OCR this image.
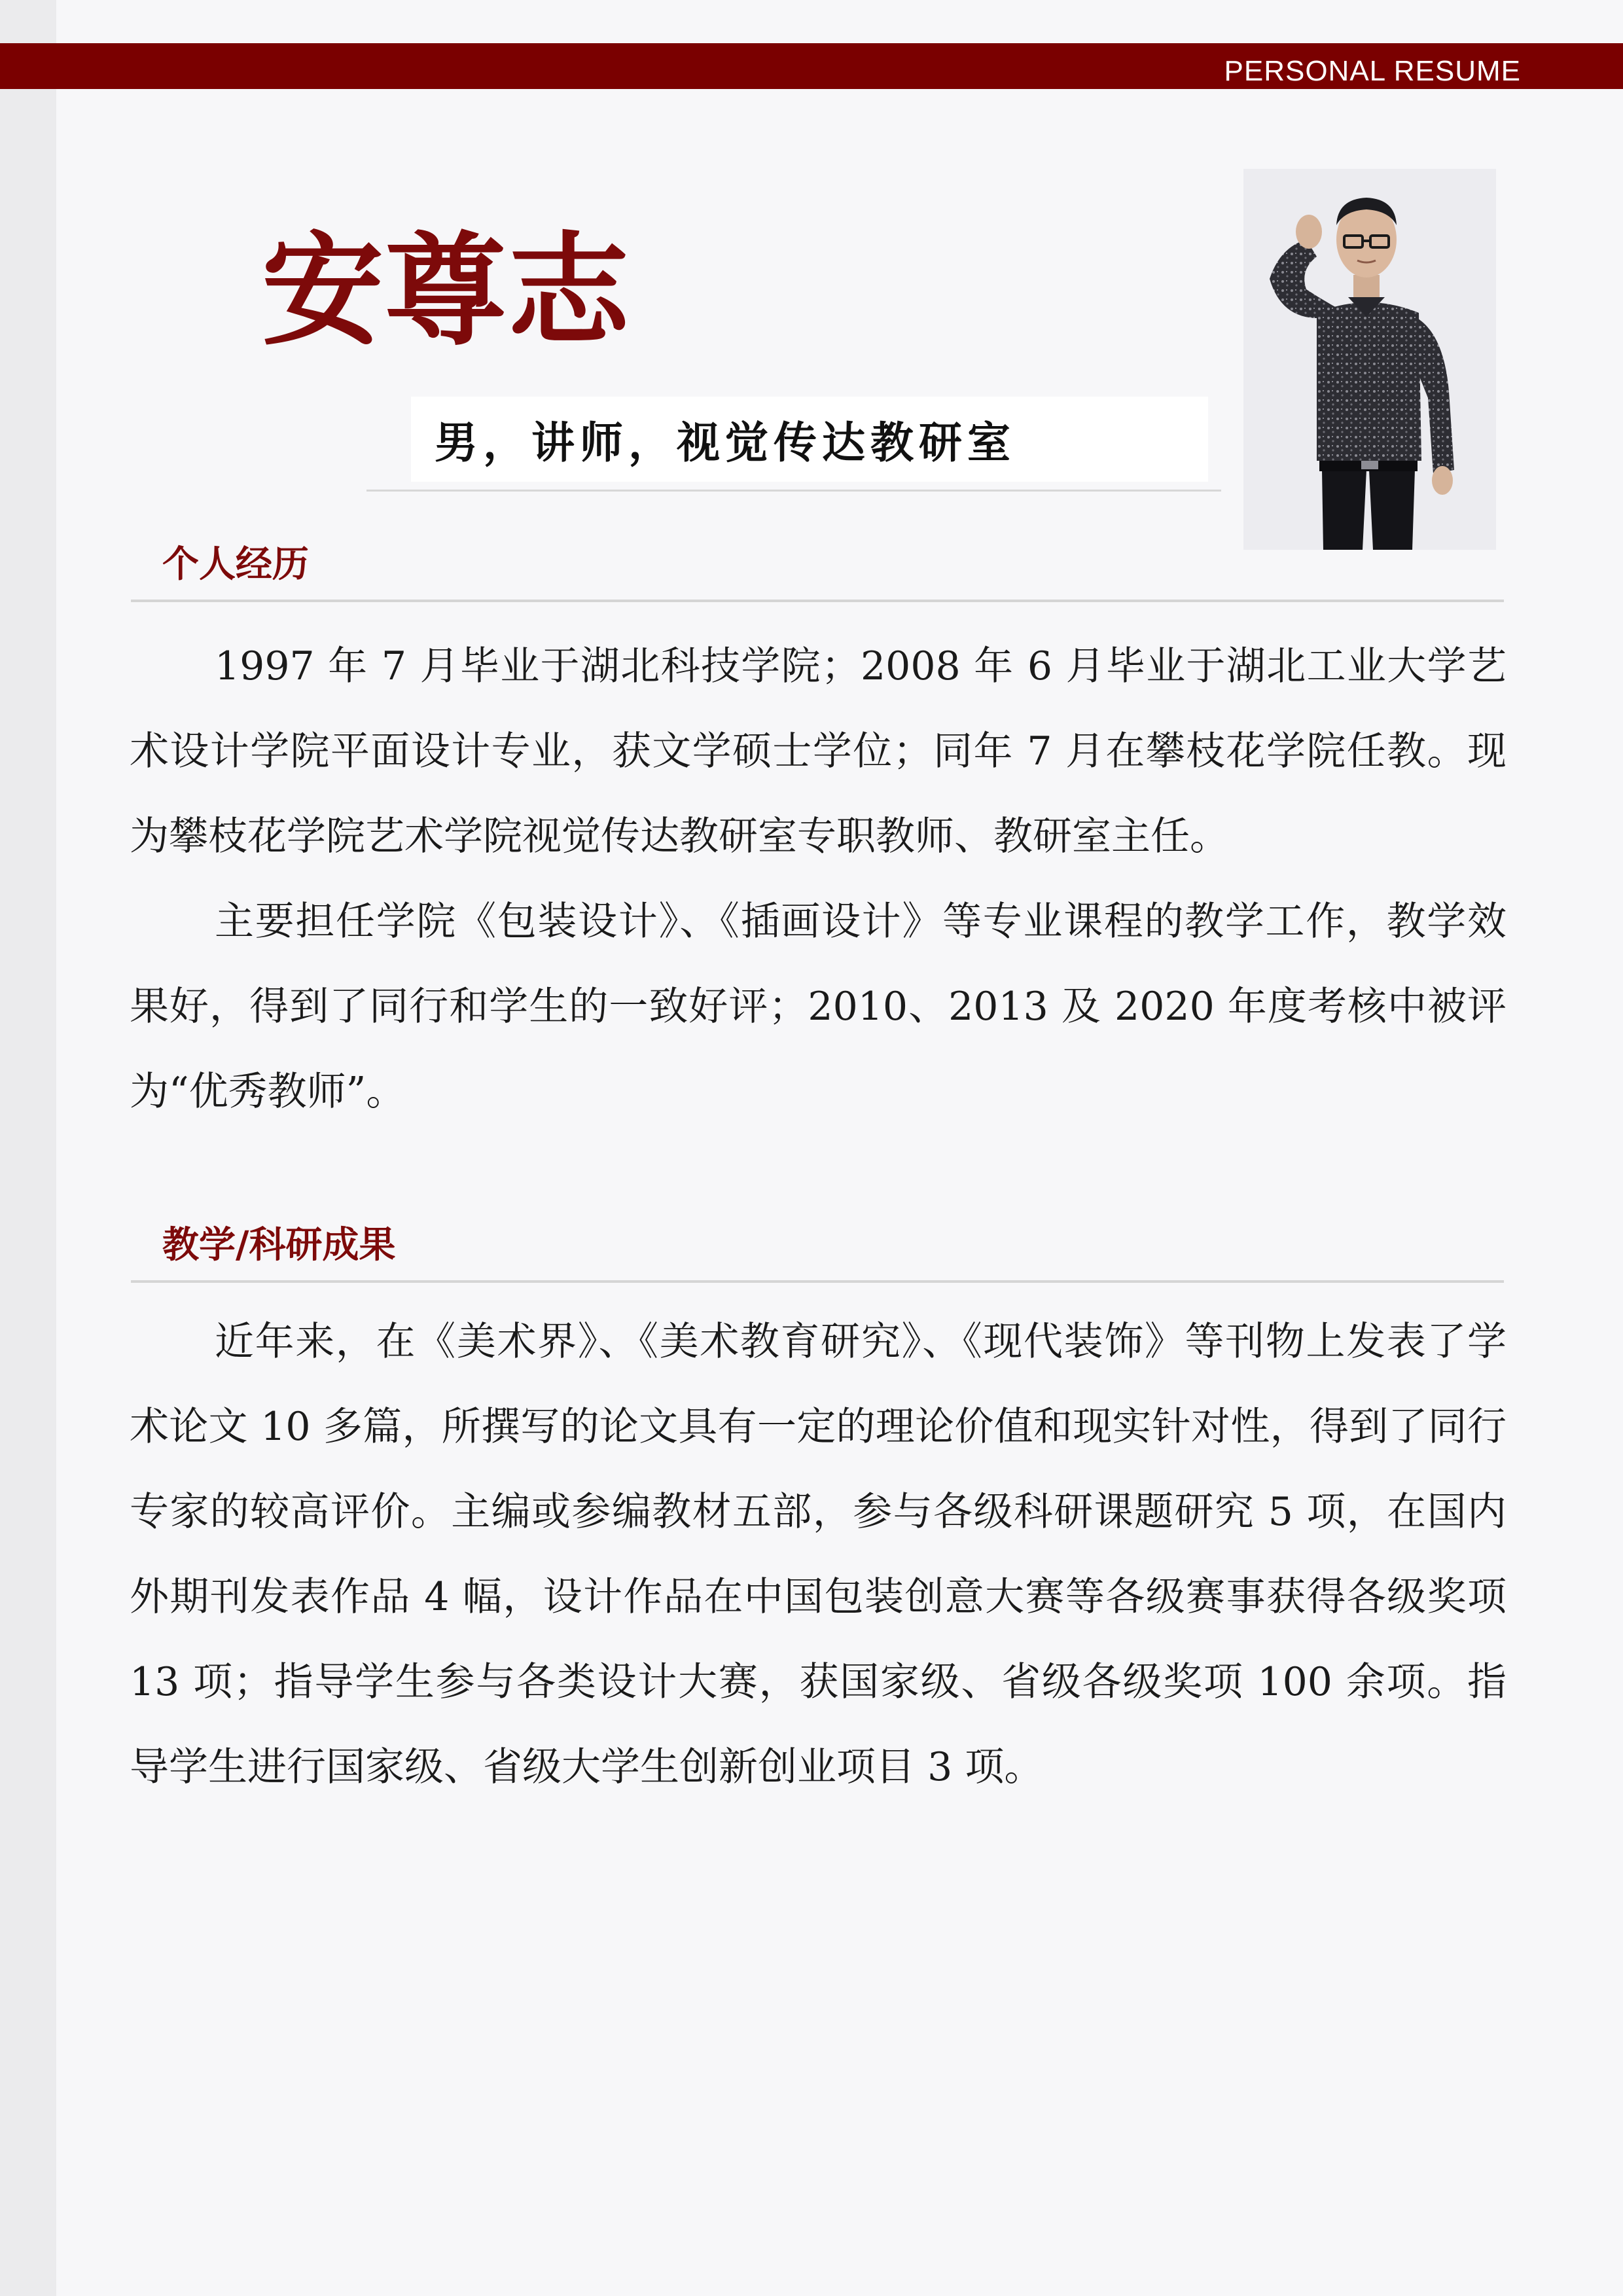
PERSONAL RESUME
安尊志
男，讲师，视觉传达教研室
个人经历

1997 年 7 月毕业于湖北科技学院；2008 年 6 月毕业于湖北工业大学艺术设计学院平面设计专业，获文学硕士学位；同年 7 月在攀枝花学院任教。现为攀枝花学院艺术学院视觉传达教研室专职教师、教研室主任。

主要担任学院《包装设计》、《插画设计》等专业课程的教学工作，教学效果好，得到了同行和学生的一致好评；2010、2013 及 2020 年度考核中被评为“优秀教师”。

教学/科研成果

近年来，在《美术界》、《美术教育研究》、《现代装饰》等刊物上发表了学术论文 10 多篇，所撰写的论文具有一定的理论价值和现实针对性，得到了同行专家的较高评价。主编或参编教材五部，参与各级科研课题研究 5 项，在国内外期刊发表作品 4 幅，设计作品在中国包装创意大赛等各级赛事获得各级奖项 13 项；指导学生参与各类设计大赛，获国家级、省级各级奖项 100 余项。指导学生进行国家级、省级大学生创新创业项目 3 项。
